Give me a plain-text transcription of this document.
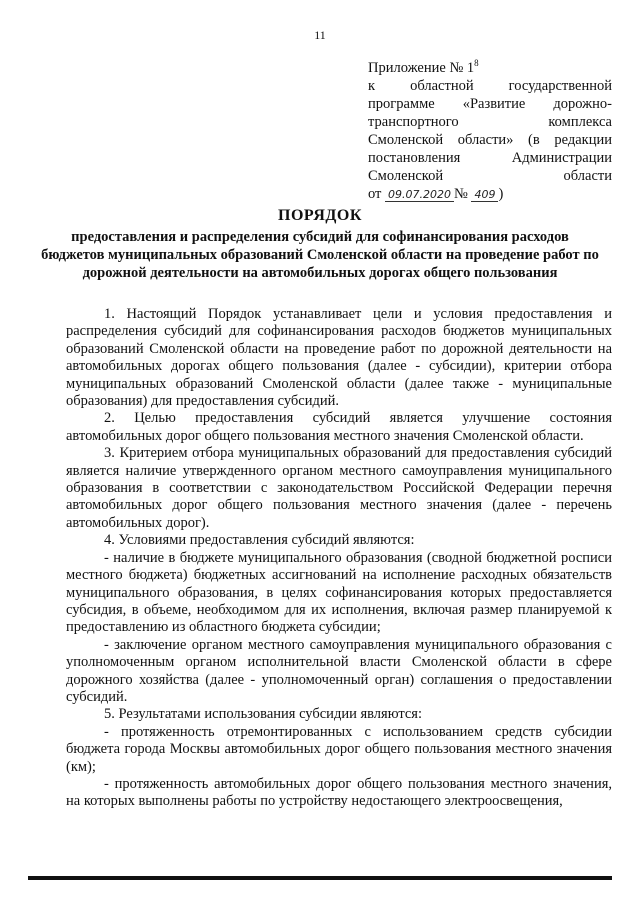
11
Приложение № $1^8$
к областной государственной
программе «Развитие дорожно-
транспортного комплекса
Смоленской области» (в редакции
постановления Администрации
Смоленской области
от 09.07.2020 № 409 )
ПОРЯДОК
предоставления и распределения субсидий для софинансирования расходов бюджетов муниципальных образований Смоленской области на проведение работ по дорожной деятельности на автомобильных дорогах общего пользования

1. Настоящий Порядок устанавливает цели и условия предоставления и распределения субсидий для софинансирования расходов бюджетов муниципальных образований Смоленской области на проведение работ по дорожной деятельности на автомобильных дорогах общего пользования (далее - субсидии), критерии отбора муниципальных образований Смоленской области (далее также - муниципальные образования) для предоставления субсидий.

2. Целью предоставления субсидий является улучшение состояния автомобильных дорог общего пользования местного значения Смоленской области.

3. Критерием отбора муниципальных образований для предоставления субсидий является наличие утвержденного органом местного самоуправления муниципального образования в соответствии с законодательством Российской Федерации перечня автомобильных дорог общего пользования местного значения (далее - перечень автомобильных дорог).

4. Условиями предоставления субсидий являются:

- наличие в бюджете муниципального образования (сводной бюджетной росписи местного бюджета) бюджетных ассигнований на исполнение расходных обязательств муниципального образования, в целях софинансирования которых предоставляется субсидия, в объеме, необходимом для их исполнения, включая размер планируемой к предоставлению из областного бюджета субсидии;

- заключение органом местного самоуправления муниципального образования с уполномоченным органом исполнительной власти Смоленской области в сфере дорожного хозяйства (далее - уполномоченный орган) соглашения о предоставлении субсидий.

5. Результатами использования субсидии являются:

- протяженность отремонтированных с использованием средств субсидии бюджета города Москвы автомобильных дорог общего пользования местного значения (км);

- протяженность автомобильных дорог общего пользования местного значения, на которых выполнены работы по устройству недостающего электроосвещения,
